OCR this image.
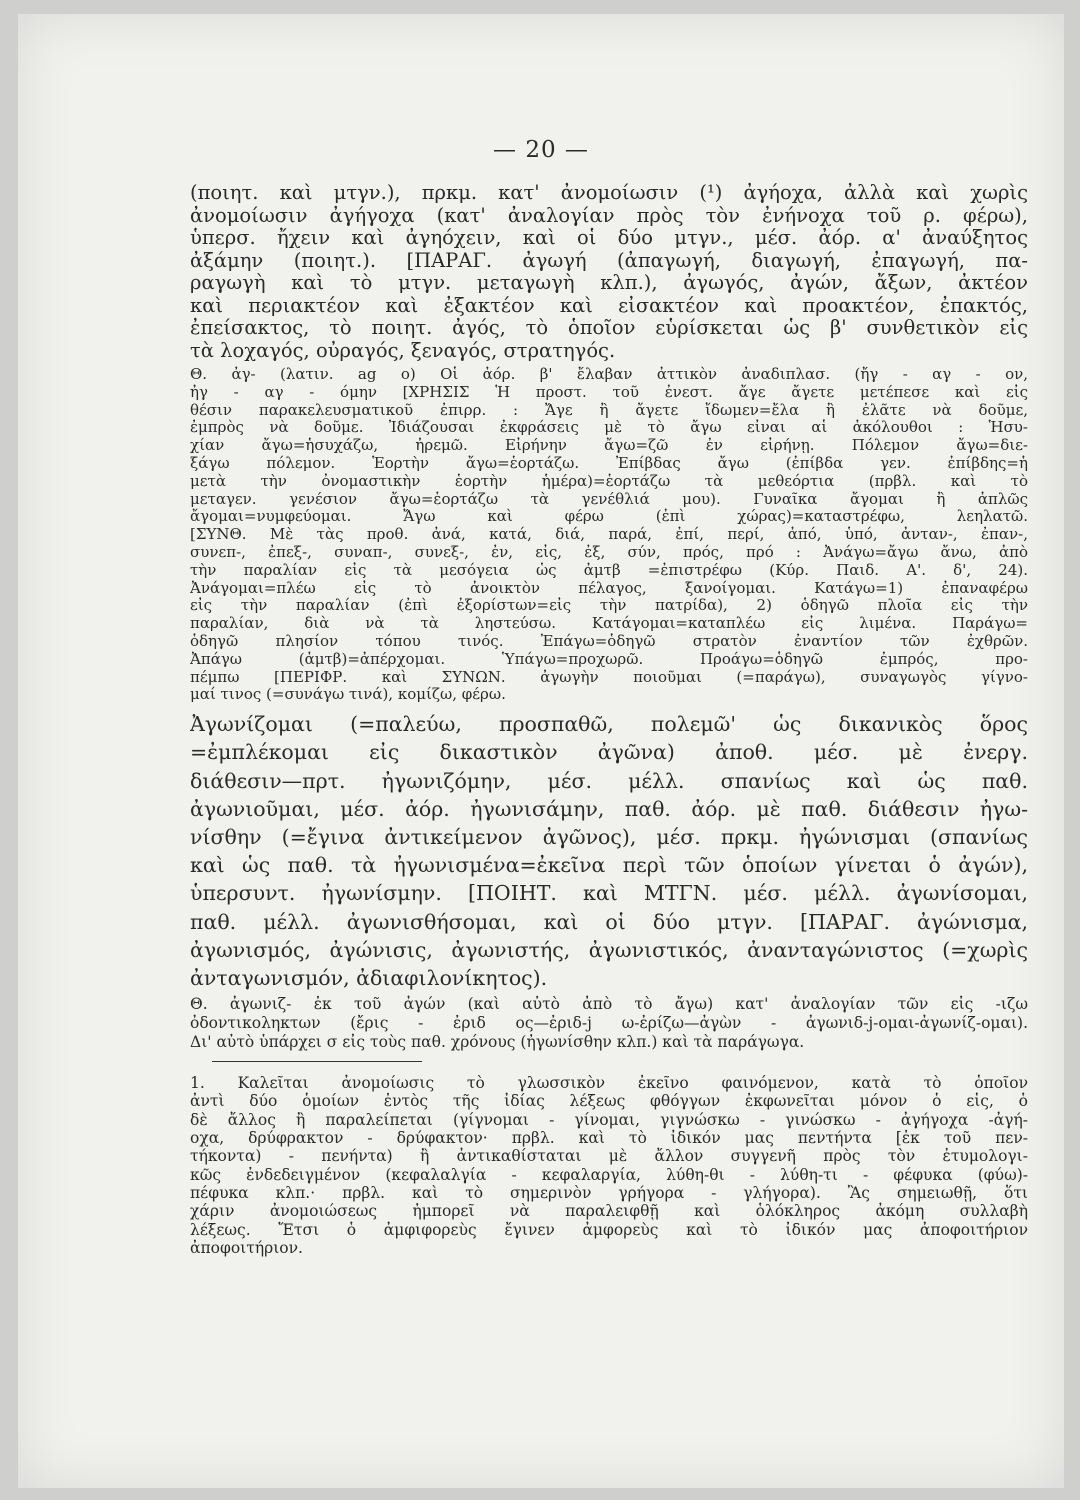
— 20 —
(ποιητ. καὶ μτγν.), πρκμ. κατ' ἀνομοίωσιν (¹) ἀγήοχα, ἀλλὰ καὶ χωρὶς
ἀνομοίωσιν ἀγήγοχα (κατ' ἀναλογίαν πρὸς τὸν ἐνήνοχα τοῦ ρ. φέρω),
ὑπερσ. ἤχειν καὶ ἀγηόχειν, καὶ οἱ δύο μτγν., μέσ. ἀόρ. α' ἀναύξητος
ἀξάμην (ποιητ.). [ΠΑΡΑΓ. ἀγωγή (ἀπαγωγή, διαγωγή, ἐπαγωγή, πα-
ραγωγὴ καὶ τὸ μτγν. μεταγωγὴ κλπ.), ἀγωγός, ἀγών, ἄξων, ἀκτέον
καὶ περιακτέον καὶ ἐξακτέον καὶ εἰσακτέον καὶ προακτέον, ἐπακτός,
ἐπείσακτος, τὸ ποιητ. ἀγός, τὸ ὁποῖον εὑρίσκεται ὡς β' συνθετικὸν εἰς
τὰ λοχαγός, οὐραγός, ξεναγός, στρατηγός.
Θ. ἀγ- (λατιν. ag o) Οἱ ἀόρ. β' ἔλαβαν ἀττικὸν ἀναδιπλασ. (ἤγ - αγ - ον,
ἠγ - αγ - όμην [ΧΡΗΣΙΣ Ἡ προστ. τοῦ ἐνεστ. ἄγε ἄγετε μετέπεσε καὶ εἰς
θέσιν παρακελευσματικοῦ ἐπιρρ. : Ἄγε ἢ ἄγετε ἴδωμεν=ἔλα ἢ ἐλᾶτε νὰ δοῦμε,
ἐμπρὸς νὰ δοῦμε. Ἰδιάζουσαι ἐκφράσεις μὲ τὸ ἄγω εἶναι αἱ ἀκόλουθοι : Ἡσυ-
χίαν ἄγω=ἡσυχάζω, ἠρεμῶ. Εἰρήνην ἄγω=ζῶ ἐν εἰρήνῃ. Πόλεμον ἄγω=διε-
ξάγω πόλεμον. Ἑορτὴν ἄγω=ἑορτάζω. Ἐπίβδας ἄγω (ἐπίβδα γεν. ἐπίβδης=ἡ
μετὰ τὴν ὀνομαστικὴν ἑορτὴν ἡμέρα)=ἑορτάζω τὰ μεθεόρτια (πρβλ. καὶ τὸ
μεταγεν. γενέσιον ἄγω=ἑορτάζω τὰ γενέθλιά μου). Γυναῖκα ἄγομαι ἢ ἁπλῶς
ἄγομαι=νυμφεύομαι. Ἄγω καὶ φέρω (ἐπὶ χώρας)=καταστρέφω, λεηλατῶ.
[ΣΥΝΘ. Μὲ τὰς προθ. ἀνά, κατά, διά, παρά, ἐπί, περί, ἀπό, ὑπό, ἀνταν-, ἐπαν-,
συνεπ-, ἐπεξ-, συναπ-, συνεξ-, ἐν, εἰς, ἐξ, σύν, πρός, πρό : Ἀνάγω=ἄγω ἄνω, ἀπὸ
τὴν παραλίαν εἰς τὰ μεσόγεια ὡς ἀμτβ =ἐπιστρέφω (Κύρ. Παιδ. Α'. δ', 24).
Ἀνάγομαι=πλέω εἰς τὸ ἀνοικτὸν πέλαγος, ξανοίγομαι. Κατάγω=1) ἐπαναφέρω
εἰς τὴν παραλίαν (ἐπὶ ἐξορίστων=εἰς τὴν πατρίδα), 2) ὁδηγῶ πλοῖα εἰς τὴν
παραλίαν, διὰ νὰ τὰ ληστεύσω. Κατάγομαι=καταπλέω εἰς λιμένα. Παράγω=
ὁδηγῶ πλησίον τόπου τινός. Ἐπάγω=ὁδηγῶ στρατὸν ἐναντίον τῶν ἐχθρῶν.
Ἀπάγω (ἀμτβ)=ἀπέρχομαι. Ὑπάγω=προχωρῶ. Προάγω=ὁδηγῶ ἐμπρός, προ-
πέμπω [ΠΕΡΙΦΡ. καὶ ΣΥΝΩΝ. ἀγωγὴν ποιοῦμαι (=παράγω), συναγωγὸς γίγνο-
μαί τινος (=συνάγω τινά), κομίζω, φέρω.
Ἀγωνίζομαι (=παλεύω, προσπαθῶ, πολεμῶ' ὡς δικανικὸς ὅρος
=ἐμπλέκομαι εἰς δικαστικὸν ἀγῶνα) ἀποθ. μέσ. μὲ ἐνεργ.
διάθεσιν—πρτ. ἠγωνιζόμην, μέσ. μέλλ. σπανίως καὶ ὡς παθ.
ἀγωνιοῦμαι, μέσ. ἀόρ. ἠγωνισάμην, παθ. ἀόρ. μὲ παθ. διάθεσιν ἠγω-
νίσθην (=ἔγινα ἀντικείμενον ἀγῶνος), μέσ. πρκμ. ἠγώνισμαι (σπανίως
καὶ ὡς παθ. τὰ ἠγωνισμένα=ἐκεῖνα περὶ τῶν ὁποίων γίνεται ὁ ἀγών),
ὑπερσυντ. ἠγωνίσμην. [ΠΟΙΗΤ. καὶ ΜΤΓΝ. μέσ. μέλλ. ἀγωνίσομαι,
παθ. μέλλ. ἀγωνισθήσομαι, καὶ οἱ δύο μτγν. [ΠΑΡΑΓ. ἀγώνισμα,
ἀγωνισμός, ἀγώνισις, ἀγωνιστής, ἀγωνιστικός, ἀνανταγώνιστος (=χωρὶς
ἀνταγωνισμόν, ἀδιαφιλονίκητος).
Θ. ἀγωνιζ- ἐκ τοῦ ἀγών (καὶ αὐτὸ ἀπὸ τὸ ἄγω) κατ' ἀναλογίαν τῶν εἰς -ιζω
ὀδοντικοληκτων (ἔρις - ἐριδ ος—ἐριδ-j ω-ἐρίζω—ἀγὼν - ἀγωνιδ-j-ομαι-ἀγωνίζ-ομαι).
Δι' αὐτὸ ὑπάρχει σ εἰς τοὺς παθ. χρόνους (ἠγωνίσθην κλπ.) καὶ τὰ παράγωγα.
1. Καλεῖται ἀνομοίωσις τὸ γλωσσικὸν ἐκεῖνο φαινόμενον, κατὰ τὸ ὁποῖον
ἀντὶ δύο ὁμοίων ἐντὸς τῆς ἰδίας λέξεως φθόγγων ἐκφωνεῖται μόνον ὁ εἷς, ὁ
δὲ ἄλλος ἢ παραλείπεται (γίγνομαι - γίνομαι, γιγνώσκω - γινώσκω - ἀγήγοχα -ἀγή-
οχα, δρύφρακτον - δρύφακτον· πρβλ. καὶ τὸ ἰδικόν μας πεντήντα [ἐκ τοῦ πεν-
τήκοντα) - πενήντα) ἢ ἀντικαθίσταται μὲ ἄλλον συγγενῆ πρὸς τὸν ἐτυμολογι-
κῶς ἐνδεδειγμένον (κεφαλαλγία - κεφαλαργία, λύθη-θι - λύθη-τι - φέφυκα (φύω)-
πέφυκα κλπ.· πρβλ. καὶ τὸ σημερινὸν γρήγορα - γλήγορα). Ἂς σημειωθῇ, ὅτι
χάριν ἀνομοιώσεως ἠμπορεῖ νὰ παραλειφθῇ καὶ ὁλόκληρος ἀκόμη συλλαβὴ
λέξεως. Ἔτσι ὁ ἀμφιφορεὺς ἔγινεν ἀμφορεὺς καὶ τὸ ἰδικόν μας ἀποφοιτήριον
ἀποφοιτήριον.
